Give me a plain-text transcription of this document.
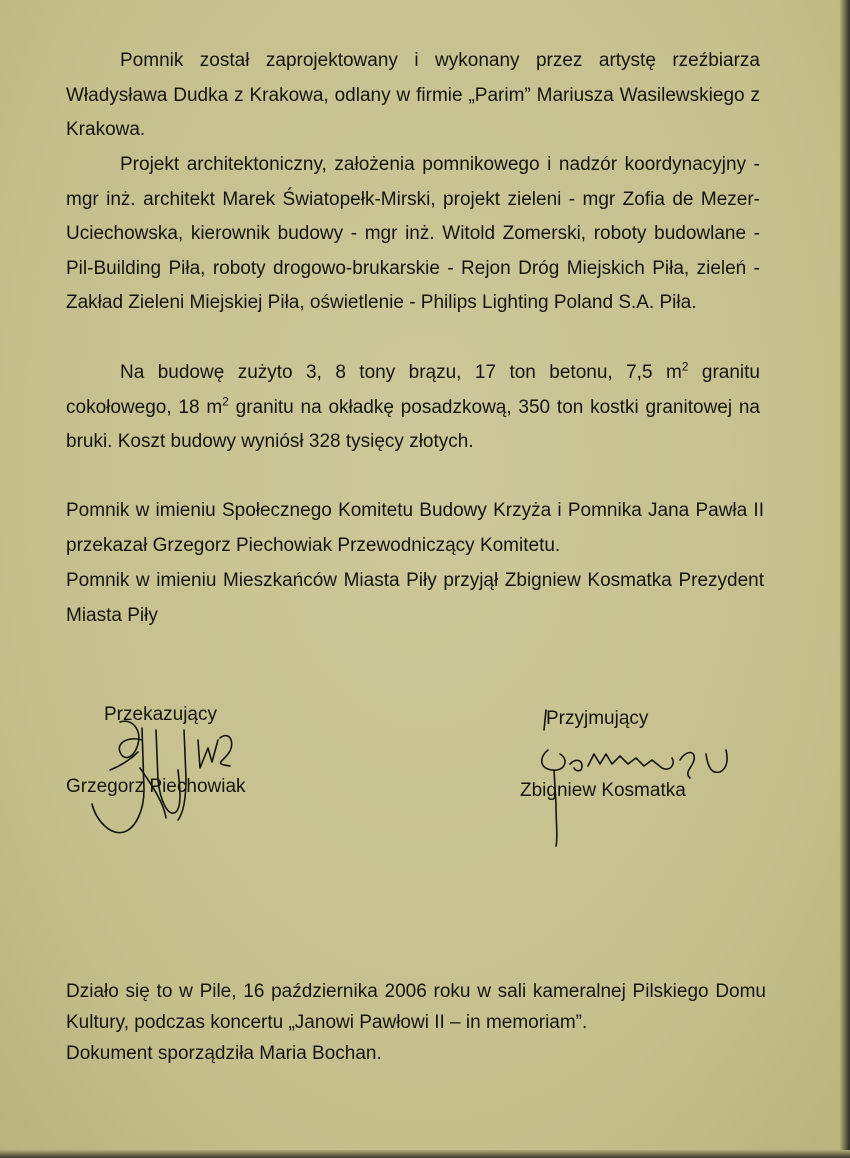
Pomnik został zaprojektowany i wykonany przez artystę rzeźbiarza Władysława Dudka z Krakowa, odlany w firmie „Parim” Mariusza Wasilewskiego z Krakowa.

Projekt architektoniczny, założenia pomnikowego i nadzór koordynacyjny - mgr inż. architekt Marek Światopełk-Mirski, projekt zieleni - mgr Zofia de Mezer-Uciechowska, kierownik budowy - mgr inż. Witold Zomerski, roboty budowlane - Pil-Building Piła, roboty drogowo-brukarskie - Rejon Dróg Miejskich Piła, zieleń - Zakład Zieleni Miejskiej Piła, oświetlenie - Philips Lighting Poland S.A. Piła.

Na budowę zużyto 3, 8 tony brązu, 17 ton betonu, 7,5 $m^2$ granitu cokołowego, 18 $m^2$ granitu na okładkę posadzkową, 350 ton kostki granitowej na bruki. Koszt budowy wyniósł 328 tysięcy złotych.

Pomnik w imieniu Społecznego Komitetu Budowy Krzyża i Pomnika Jana Pawła II przekazał Grzegorz Piechowiak Przewodniczący Komitetu.

Pomnik w imieniu Mieszkańców Miasta Piły przyjął Zbigniew Kosmatka Prezydent Miasta Piły

Przekazujący
Grzegorz Piechowiak
Przyjmujący
Zbigniew Kosmatka
Działo się to w Pile, 16 października 2006 roku w sali kameralnej Pilskiego Domu Kultury, podczas koncertu „Janowi Pawłowi II – in memoriam”.
Dokument sporządziła Maria Bochan.
